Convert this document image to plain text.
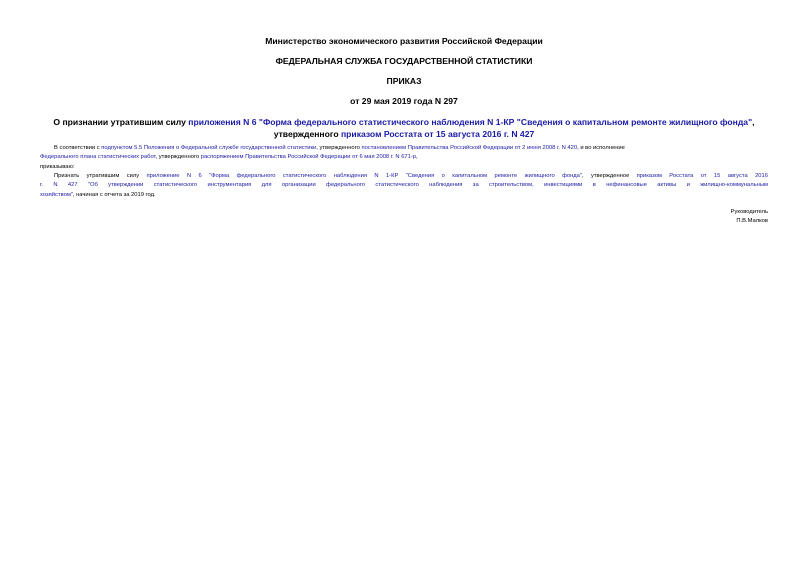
Министерство экономического развития Российской Федерации

ФЕДЕРАЛЬНАЯ СЛУЖБА ГОСУДАРСТВЕННОЙ СТАТИСТИКИ

ПРИКАЗ

от 29 мая 2019 года N 297

О признании утратившим силу приложения N 6 "Форма федерального статистического наблюдения N 1-КР "Сведения о капитальном ремонте жилищного фонда",
утвержденного приказом Росстата от 15 августа 2016 г. N 427

В соответствии с подпунктом 5.5 Положения о Федеральной службе государственной статистики, утвержденного постановлением Правительства Российской Федерации от 2 июня 2008 г. N 420, и во исполнение
Федерального плана статистических работ, утвержденного распоряжением Правительства Российской Федерации от 6 мая 2008 г. N 671-р,

приказываю:

Признать утратившим силу приложение N 6 "Форма федерального статистического наблюдения N 1-КР "Сведения о капитальном ремонте жилищного фонда", утвержденное приказом Росстата от 15 августа 2016
г. N 427 "Об утверждении статистического инструментария для организации федерального статистического наблюдения за строительством, инвестициями в нефинансовые активы и жилищно-коммунальным
хозяйством", начиная с отчета за 2019 год.

Руководитель

П.В.Малков
